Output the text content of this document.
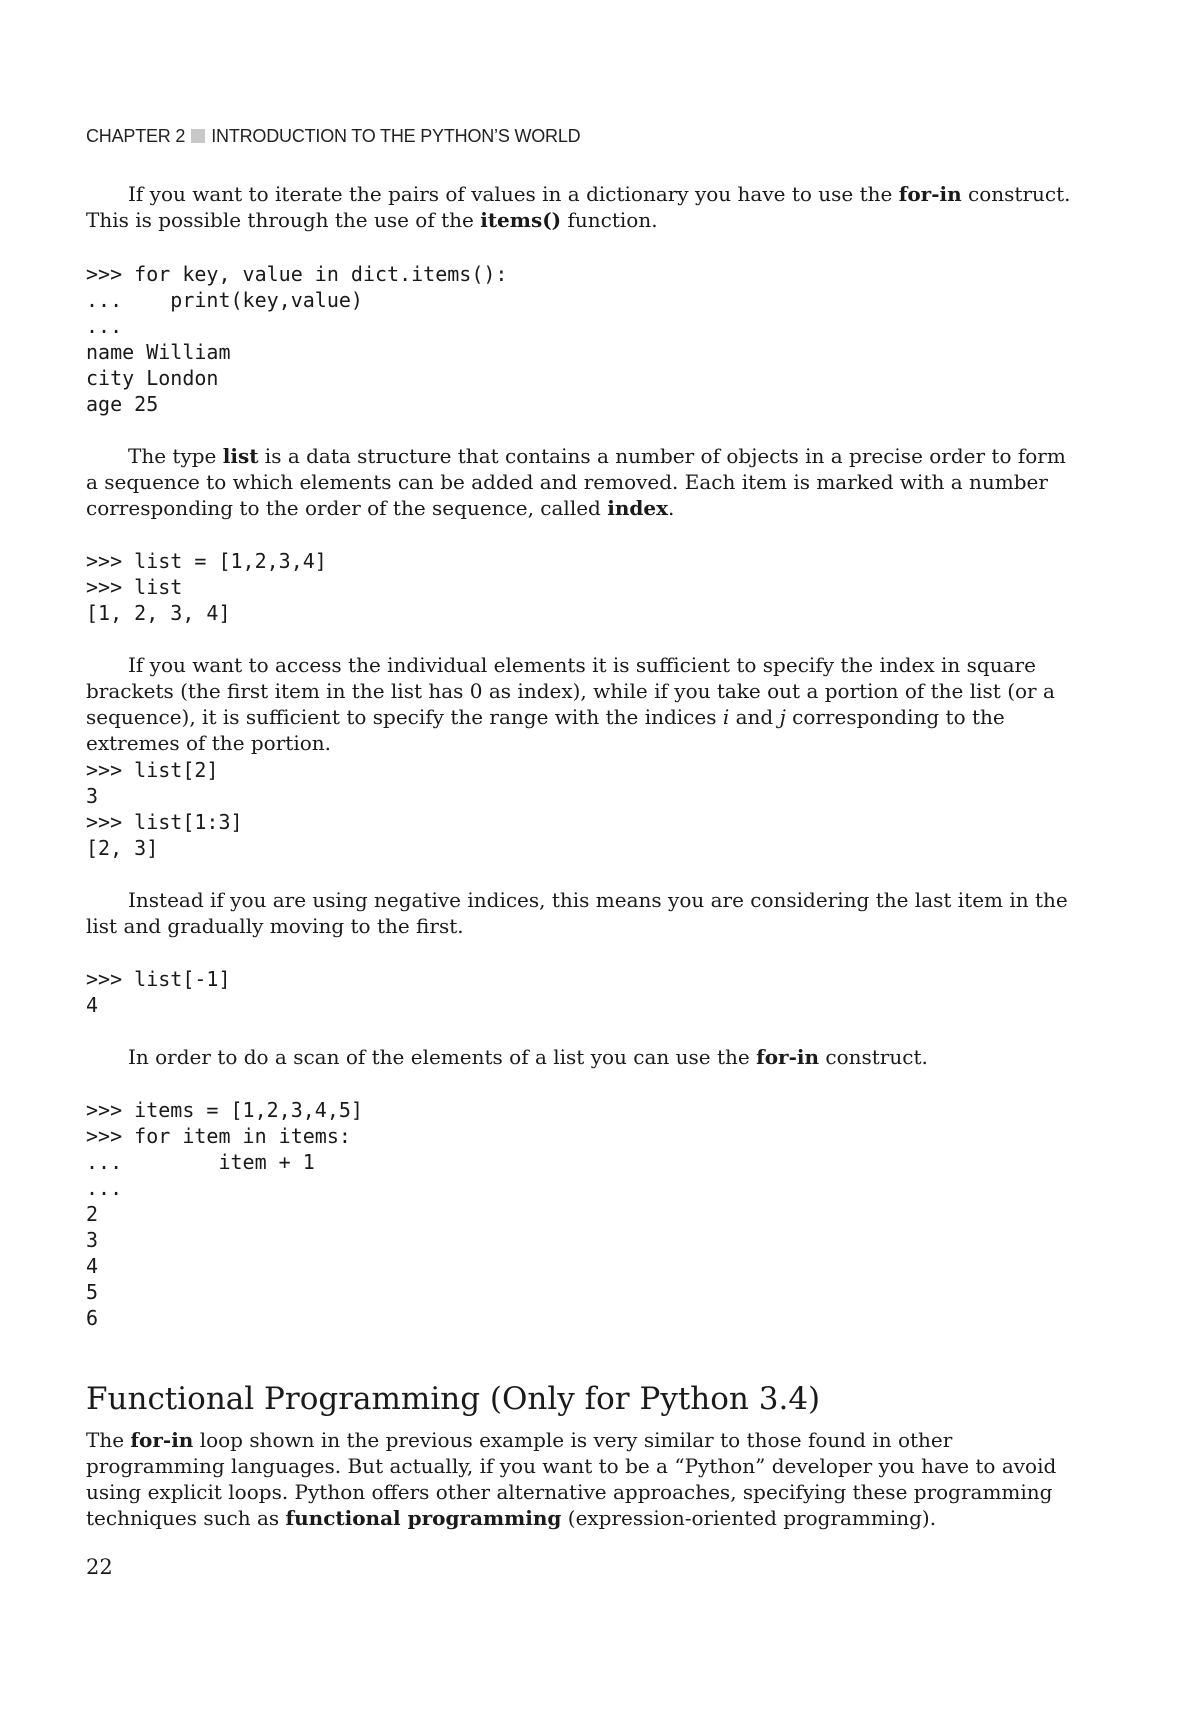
CHAPTER 2 INTRODUCTION TO THE PYTHON’S WORLD

If you want to iterate the pairs of values in a dictionary you have to use the for-in construct. This is possible through the use of the items() function.

>>> for key, value in dict.items():
...    print(key,value)
...
name William
city London
age 25

The type list is a data structure that contains a number of objects in a precise order to form a sequence to which elements can be added and removed. Each item is marked with a number corresponding to the order of the sequence, called index.

>>> list = [1,2,3,4]
>>> list
[1, 2, 3, 4]

If you want to access the individual elements it is sufficient to specify the index in square brackets (the first item in the list has 0 as index), while if you take out a portion of the list (or a sequence), it is sufficient to specify the range with the indices i and j corresponding to the extremes of the portion.

>>> list[2]
3
>>> list[1:3]
[2, 3]

Instead if you are using negative indices, this means you are considering the last item in the list and gradually moving to the first.

>>> list[-1]
4

In order to do a scan of the elements of a list you can use the for-in construct.

>>> items = [1,2,3,4,5]
>>> for item in items:
...        item + 1
...
2
3
4
5
6
Functional Programming (Only for Python 3.4)

The for-in loop shown in the previous example is very similar to those found in other programming languages. But actually, if you want to be a “Python” developer you have to avoid using explicit loops. Python offers other alternative approaches, specifying these programming techniques such as functional programming (expression-oriented programming).

22
